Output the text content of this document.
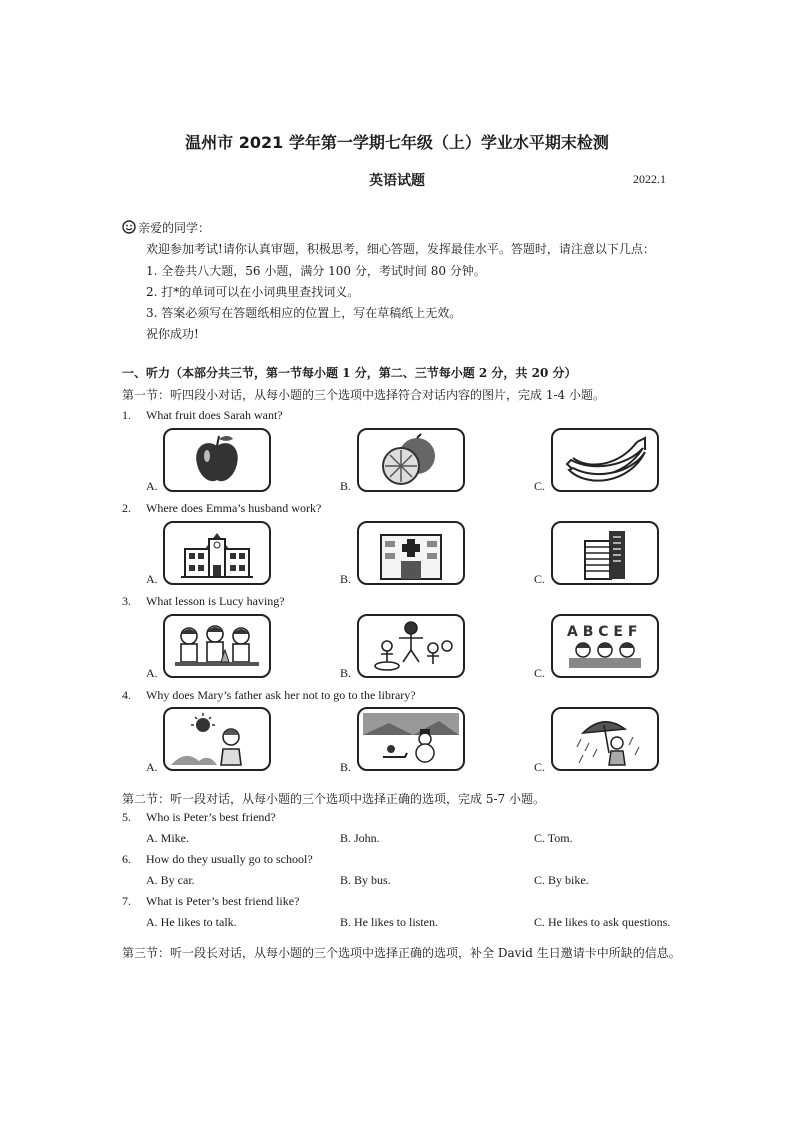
温州市 2021 学年第一学期七年级（上）学业水平期末检测
英语试题	2022.1
亲爱的同学：
欢迎参加考试!请你认真审题，积极思考，细心答题，发挥最佳水平。答题时，请注意以下几点：
1. 全卷共八大题，56 小题，满分 100 分，考试时间 80 分钟。
2. 打*的单词可以在小词典里查找词义。
3. 答案必须写在答题纸相应的位置上，写在草稿纸上无效。
祝你成功!
一、听力（本部分共三节，第一节每小题 1 分，第二、三节每小题 2 分，共 20 分）
第一节：听四段小对话，从每小题的三个选项中选择符合对话内容的图片，完成 1-4 小题。
1. What fruit does Sarah want?
A.	B.	C.
2. Where does Emma’s husband work?
A.	B.	C.
3. What lesson is Lucy having?
A.	B.	C.
A B C E F
4. Why does Mary’s father ask her not to go to the library?
A.	B.	C.
第二节：听一段对话，从每小题的三个选项中选择正确的选项，完成 5-7 小题。
5. Who is Peter’s best friend?
A. Mike.	B. John.	C. Tom.
6. How do they usually go to school?
A. By car.	B. By bus.	C. By bike.
7. What is Peter’s best friend like?
A. He likes to talk.	B. He likes to listen.	C. He likes to ask questions.
第三节：听一段长对话，从每小题的三个选项中选择正确的选项，补全 David 生日邀请卡中所缺的信息。
